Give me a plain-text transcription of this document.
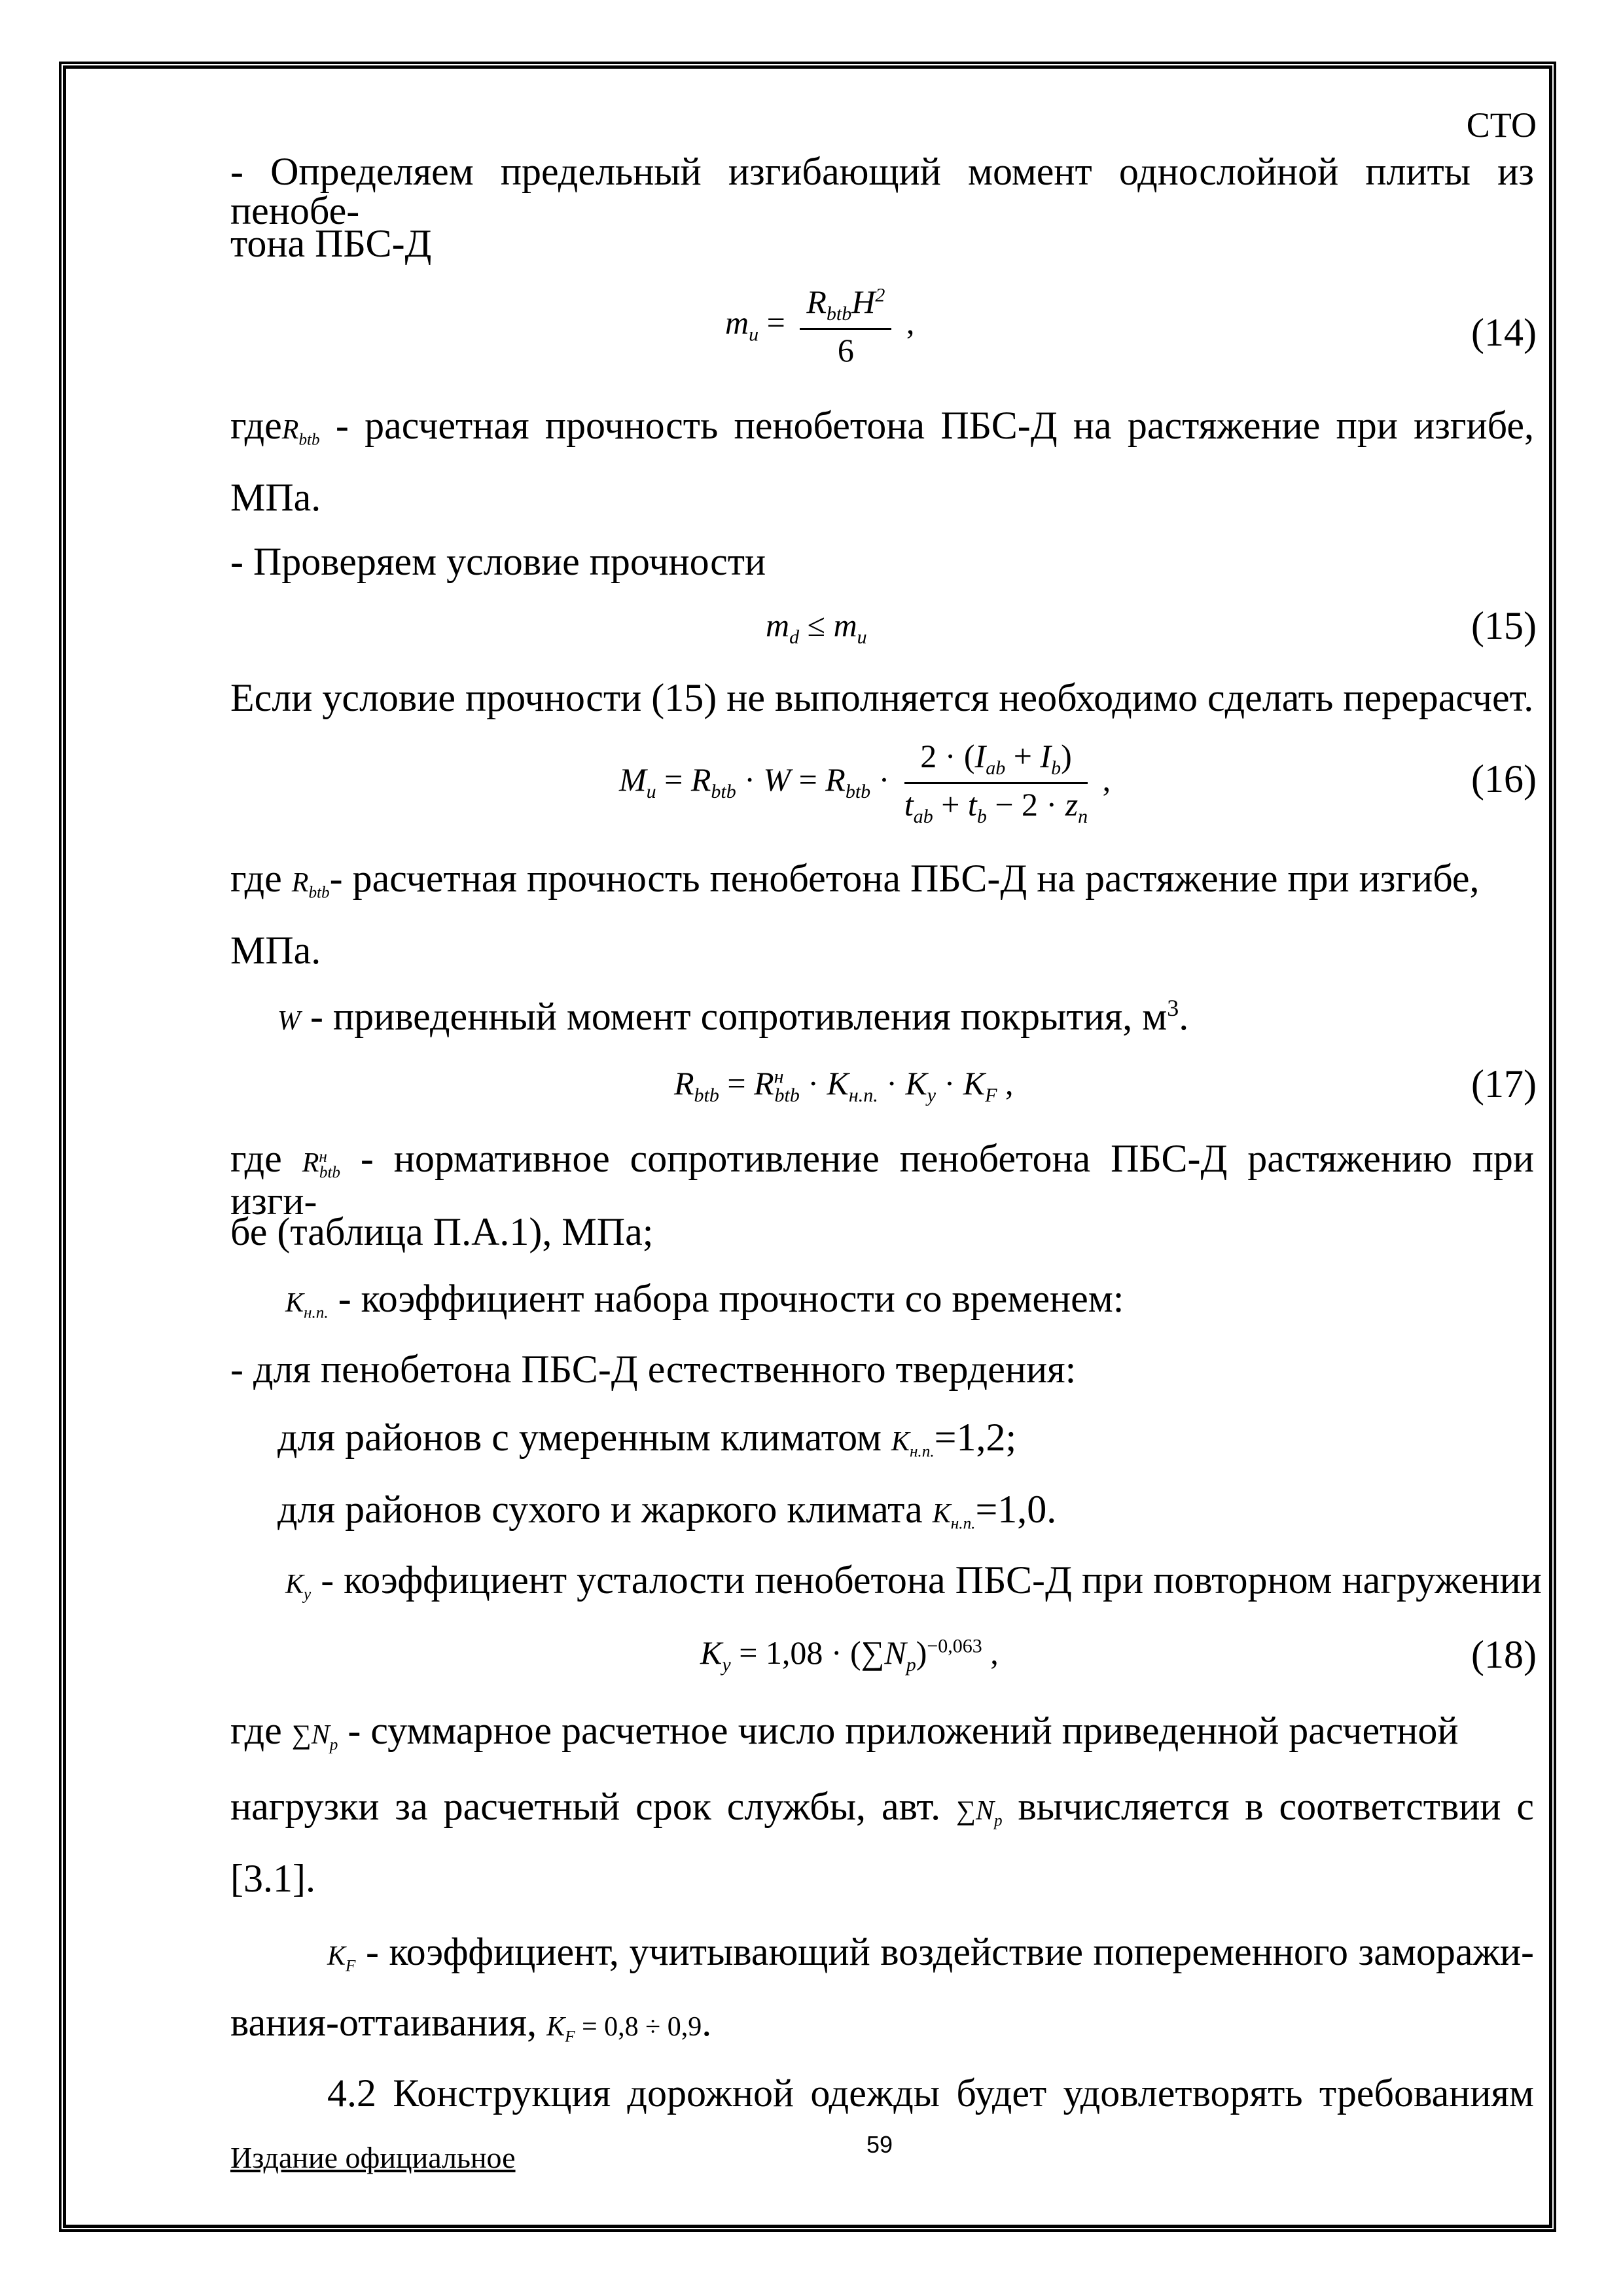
СТО
- Определяем предельный изгибающий момент однослойной плиты из пенобе-
тона ПБС-Д
$m_u = \frac{R_{btb}H^2}{6}$ ,	(14)
гдеR$_{btb}$ - расчетная прочность пенобетона ПБС-Д на растяжение при изгибе,
МПа.
- Проверяем условие прочности
$m_d \le m_u$	(15)
Если условие прочности (15) не выполняется необходимо сделать перерасчет.
$M_u = R_{btb} \cdot W = R_{btb} \cdot \frac{2 \cdot (I_{ab} + I_b)}{t_{ab} + t_b - 2 \cdot z_n}$ ,	(16)
где $R_{btb}-$ расчетная прочность пенобетона ПБС-Д на растяжение при изгибе,
МПа.
W - приведенный момент сопротивления покрытия, $м^3$.
$R_{btb} = R^н_{btb} \cdot K_{н.п.} \cdot K_y \cdot K_F$ ,	(17)
где $R^н_{btb}$ - нормативное сопротивление пенобетона ПБС-Д растяжению при изги-
бе (таблица П.А.1), МПа;
$K_{н.п.}$ - коэффициент набора прочности со временем:
- для пенобетона ПБС-Д естественного твердения:
для районов с умеренным климатом $K_{н.п.}=1,2$;
для районов сухого и жаркого климата $K_{н.п.}=1,0$.
$K_y$ - коэффициент усталости пенобетона ПБС-Д при повторном нагружении
$K_y = 1,08 \cdot (\sum N_p)^{-0,063}$ ,	(18)
где $\sum N_p$ - суммарное расчетное число приложений приведенной расчетной
нагрузки за расчетный срок службы, авт. $\sum N_p$ вычисляется в соответствии с
[3.1].
$K_F$ - коэффициент, учитывающий воздействие попеременного заморажи-
вания-оттаивания, $K_F = 0,8 \div 0,9$.
4.2 Конструкция дорожной одежды будет удовлетворять требованиям
Издание официальное	59
